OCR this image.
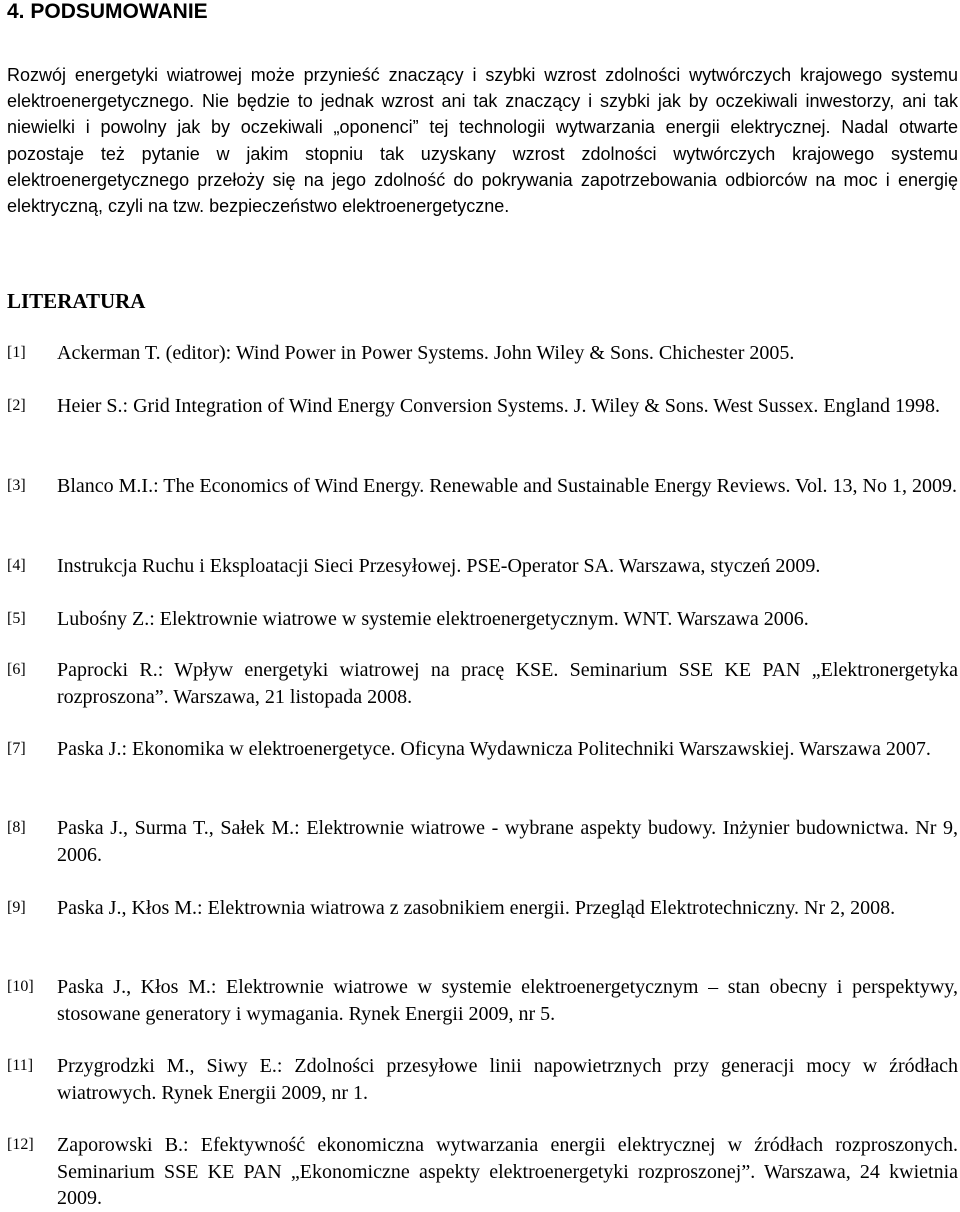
4. PODSUMOWANIE

Rozwój energetyki wiatrowej może przynieść znaczący i szybki wzrost zdolności wytwórczych krajowego systemu elektroenergetycznego. Nie będzie to jednak wzrost ani tak znaczący i szybki jak by oczekiwali inwestorzy, ani tak niewielki i powolny jak by oczekiwali „oponenci” tej technologii wytwarzania energii elektrycznej. Nadal otwarte pozostaje też pytanie w jakim stopniu tak uzyskany wzrost zdolności wytwórczych krajowego systemu elektroenergetycznego przełoży się na jego zdolność do pokrywania zapotrzebowania odbiorców na moc i energię elektryczną, czyli na tzw. bezpieczeństwo elektroenergetyczne.

LITERATURA
[1]	Ackerman T. (editor): Wind Power in Power Systems. John Wiley & Sons. Chichester 2005.

[2]	Heier S.: Grid Integration of Wind Energy Conversion Systems. J. Wiley & Sons. West Sussex. England 1998.

[3]	Blanco M.I.: The Economics of Wind Energy. Renewable and Sustainable Energy Reviews. Vol. 13, No 1, 2009.

[4]	Instrukcja Ruchu i Eksploatacji Sieci Przesyłowej. PSE-Operator SA. Warszawa, styczeń 2009.

[5]	Lubośny Z.: Elektrownie wiatrowe w systemie elektroenergetycznym. WNT. Warszawa 2006.

[6]	Paprocki R.: Wpływ energetyki wiatrowej na pracę KSE. Seminarium SSE KE PAN „Elektronergetyka rozproszona”. Warszawa, 21 listopada 2008.

[7]	Paska J.: Ekonomika w elektroenergetyce. Oficyna Wydawnicza Politechniki Warszawskiej. Warszawa 2007.

[8]	Paska J., Surma T., Sałek M.: Elektrownie wiatrowe - wybrane aspekty budowy. Inżynier budownictwa. Nr 9, 2006.

[9]	Paska J., Kłos M.: Elektrownia wiatrowa z zasobnikiem energii. Przegląd Elektrotechniczny. Nr 2, 2008.

[10]	Paska J., Kłos M.: Elektrownie wiatrowe w systemie elektroenergetycznym – stan obecny i perspektywy, stosowane generatory i wymagania. Rynek Energii 2009, nr 5.

[11]	Przygrodzki M., Siwy E.: Zdolności przesyłowe linii napowietrznych przy generacji mocy w źródłach wiatrowych. Rynek Energii 2009, nr 1.

[12]	Zaporowski B.: Efektywność ekonomiczna wytwarzania energii elektrycznej w źródłach rozproszonych. Seminarium SSE KE PAN „Ekonomiczne aspekty elektroenergetyki rozproszonej”. Warszawa, 24 kwietnia 2009.
